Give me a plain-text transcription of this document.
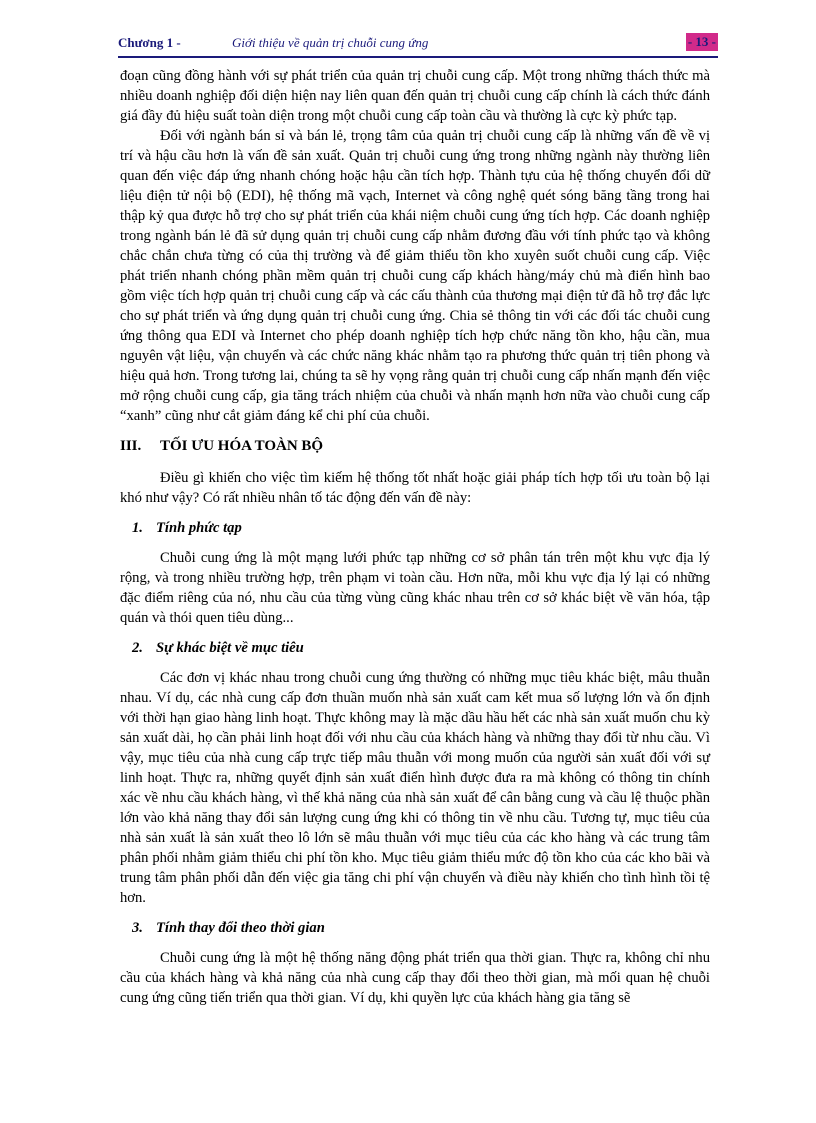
Chương 1 -	Giới thiệu về quản trị chuỗi cung ứng	- 13 -

đoạn cũng đồng hành với sự phát triển của quản trị chuỗi cung cấp. Một trong những thách thức mà nhiều doanh nghiệp đối diện hiện nay liên quan đến quản trị chuỗi cung cấp chính là cách thức đánh giá đầy đủ hiệu suất toàn diện trong một chuỗi cung cấp toàn cầu và thường là cực kỳ phức tạp.

Đối với ngành bán sỉ và bán lẻ, trọng tâm của quản trị chuỗi cung cấp là những vấn đề về vị trí và hậu cầu hơn là vấn đề sản xuất. Quản trị chuỗi cung ứng trong những ngành này thường liên quan đến việc đáp ứng nhanh chóng hoặc hậu cần tích hợp. Thành tựu của hệ thống chuyển đổi dữ liệu điện tử nội bộ (EDI), hệ thống mã vạch, Internet và công nghệ quét sóng băng tầng trong hai thập kỷ qua được hỗ trợ cho sự phát triển của khái niệm chuỗi cung ứng tích hợp. Các doanh nghiệp trong ngành bán lẻ đã sử dụng quản trị chuỗi cung cấp nhằm đương đầu với tính phức tạo và không chắc chắn chưa từng có của thị trường và để giảm thiểu tồn kho xuyên suốt chuỗi cung cấp. Việc phát triển nhanh chóng phần mềm quản trị chuỗi cung cấp khách hàng/máy chủ mà điển hình bao gồm việc tích hợp quản trị chuỗi cung cấp và các cấu thành của thương mại điện tử đã hỗ trợ đắc lực cho sự phát triển và ứng dụng quản trị chuỗi cung ứng. Chia sẻ thông tin với các đối tác chuỗi cung ứng thông qua EDI và Internet cho phép doanh nghiệp tích hợp chức năng tồn kho, hậu cần, mua nguyên vật liệu, vận chuyển và các chức năng khác nhằm tạo ra phương thức quản trị tiên phong và hiệu quả hơn. Trong tương lai, chúng ta sẽ hy vọng rằng quản trị chuỗi cung cấp nhấn mạnh đến việc mở rộng chuỗi cung cấp, gia tăng trách nhiệm của chuỗi và nhấn mạnh hơn nữa vào chuỗi cung cấp “xanh” cũng như cắt giảm đáng kể chi phí của chuỗi.

III. TỐI ƯU HÓA TOÀN BỘ

Điều gì khiến cho việc tìm kiếm hệ thống tốt nhất hoặc giải pháp tích hợp tối ưu toàn bộ lại khó như vậy? Có rất nhiều nhân tố tác động đến vấn đề này:

1. Tính phức tạp

Chuỗi cung ứng là một mạng lưới phức tạp những cơ sở phân tán trên một khu vực địa lý rộng, và trong nhiều trường hợp, trên phạm vi toàn cầu. Hơn nữa, mỗi khu vực địa lý lại có những đặc điểm riêng của nó, nhu cầu của từng vùng cũng khác nhau trên cơ sở khác biệt về văn hóa, tập quán và thói quen tiêu dùng...

2. Sự khác biệt về mục tiêu

Các đơn vị khác nhau trong chuỗi cung ứng thường có những mục tiêu khác biệt, mâu thuẫn nhau. Ví dụ, các nhà cung cấp đơn thuần muốn nhà sản xuất cam kết mua số lượng lớn và ổn định với thời hạn giao hàng linh hoạt. Thực không may là mặc dầu hầu hết các nhà sản xuất muốn chu kỳ sản xuất dài, họ cần phải linh hoạt đối với nhu cầu của khách hàng và những thay đổi từ nhu cầu. Vì vậy, mục tiêu của nhà cung cấp trực tiếp mâu thuẫn với mong muốn của người sản xuất đối với sự linh hoạt. Thực ra, những quyết định sản xuất điển hình được đưa ra mà không có thông tin chính xác về nhu cầu khách hàng, vì thế khả năng của nhà sản xuất để cân bằng cung và cầu lệ thuộc phần lớn vào khả năng thay đổi sản lượng cung ứng khi có thông tin về nhu cầu. Tương tự, mục tiêu của nhà sản xuất là sản xuất theo lô lớn sẽ mâu thuẫn với mục tiêu của các kho hàng và các trung tâm phân phối nhằm giảm thiểu chi phí tồn kho. Mục tiêu giảm thiểu mức độ tồn kho của các kho bãi và trung tâm phân phối dẫn đến việc gia tăng chi phí vận chuyển và điều này khiến cho tình hình tồi tệ hơn.

3. Tính thay đổi theo thời gian

Chuỗi cung ứng là một hệ thống năng động phát triển qua thời gian. Thực ra, không chỉ nhu cầu của khách hàng và khả năng của nhà cung cấp thay đổi theo thời gian, mà mối quan hệ chuỗi cung ứng cũng tiến triển qua thời gian. Ví dụ, khi quyền lực của khách hàng gia tăng sẽ
